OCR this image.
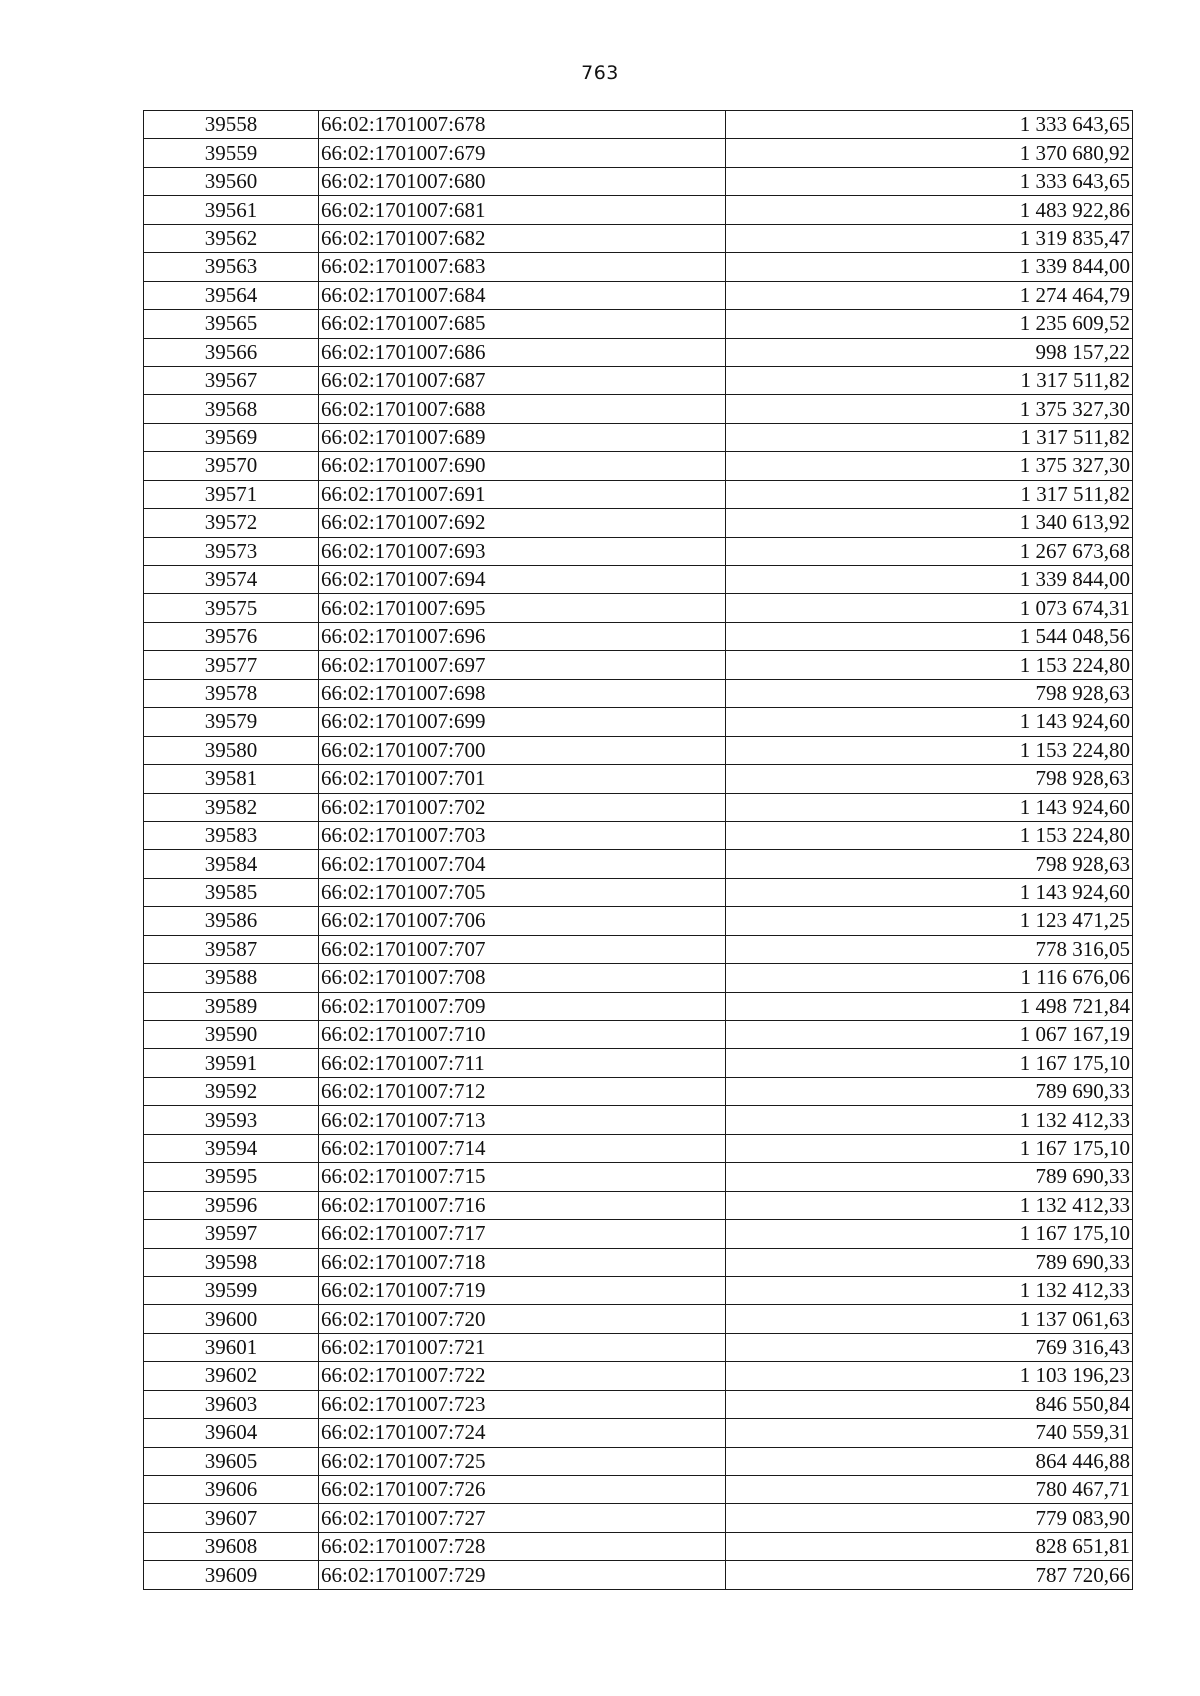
763
39558	66:02:1701007:678	1 333 643,65
39559	66:02:1701007:679	1 370 680,92
39560	66:02:1701007:680	1 333 643,65
39561	66:02:1701007:681	1 483 922,86
39562	66:02:1701007:682	1 319 835,47
39563	66:02:1701007:683	1 339 844,00
39564	66:02:1701007:684	1 274 464,79
39565	66:02:1701007:685	1 235 609,52
39566	66:02:1701007:686	998 157,22
39567	66:02:1701007:687	1 317 511,82
39568	66:02:1701007:688	1 375 327,30
39569	66:02:1701007:689	1 317 511,82
39570	66:02:1701007:690	1 375 327,30
39571	66:02:1701007:691	1 317 511,82
39572	66:02:1701007:692	1 340 613,92
39573	66:02:1701007:693	1 267 673,68
39574	66:02:1701007:694	1 339 844,00
39575	66:02:1701007:695	1 073 674,31
39576	66:02:1701007:696	1 544 048,56
39577	66:02:1701007:697	1 153 224,80
39578	66:02:1701007:698	798 928,63
39579	66:02:1701007:699	1 143 924,60
39580	66:02:1701007:700	1 153 224,80
39581	66:02:1701007:701	798 928,63
39582	66:02:1701007:702	1 143 924,60
39583	66:02:1701007:703	1 153 224,80
39584	66:02:1701007:704	798 928,63
39585	66:02:1701007:705	1 143 924,60
39586	66:02:1701007:706	1 123 471,25
39587	66:02:1701007:707	778 316,05
39588	66:02:1701007:708	1 116 676,06
39589	66:02:1701007:709	1 498 721,84
39590	66:02:1701007:710	1 067 167,19
39591	66:02:1701007:711	1 167 175,10
39592	66:02:1701007:712	789 690,33
39593	66:02:1701007:713	1 132 412,33
39594	66:02:1701007:714	1 167 175,10
39595	66:02:1701007:715	789 690,33
39596	66:02:1701007:716	1 132 412,33
39597	66:02:1701007:717	1 167 175,10
39598	66:02:1701007:718	789 690,33
39599	66:02:1701007:719	1 132 412,33
39600	66:02:1701007:720	1 137 061,63
39601	66:02:1701007:721	769 316,43
39602	66:02:1701007:722	1 103 196,23
39603	66:02:1701007:723	846 550,84
39604	66:02:1701007:724	740 559,31
39605	66:02:1701007:725	864 446,88
39606	66:02:1701007:726	780 467,71
39607	66:02:1701007:727	779 083,90
39608	66:02:1701007:728	828 651,81
39609	66:02:1701007:729	787 720,66
